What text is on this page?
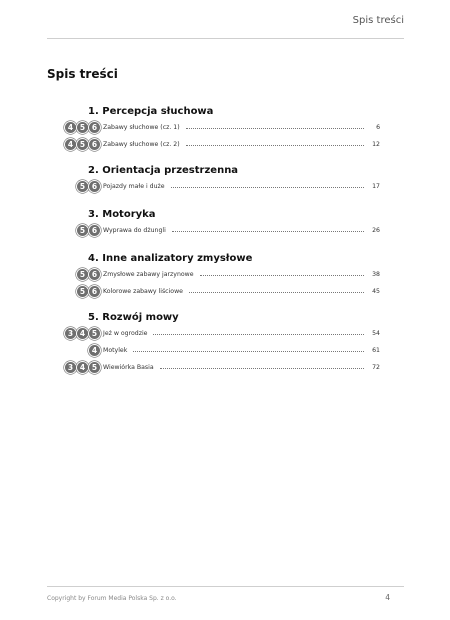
Spis treści
Spis treści
1. Percepcja słuchowa
4 5 6 Zabawy słuchowe (cz. 1)	6
4 5 6 Zabawy słuchowe (cz. 2)	12
2. Orientacja przestrzenna
5 6 Pojazdy małe i duże	17
3. Motoryka
5 6 Wyprawa do dżungli	26
4. Inne analizatory zmysłowe
5 6 Zmysłowe zabawy jarzynowe	38
5 6 Kolorowe zabawy liściowe	45
5. Rozwój mowy
3 4 5 Jeż w ogrodzie	54
4 Motylek	61
3 4 5 Wiewiórka Basia	72
Copyright by Forum Media Polska Sp. z o.o.	4
